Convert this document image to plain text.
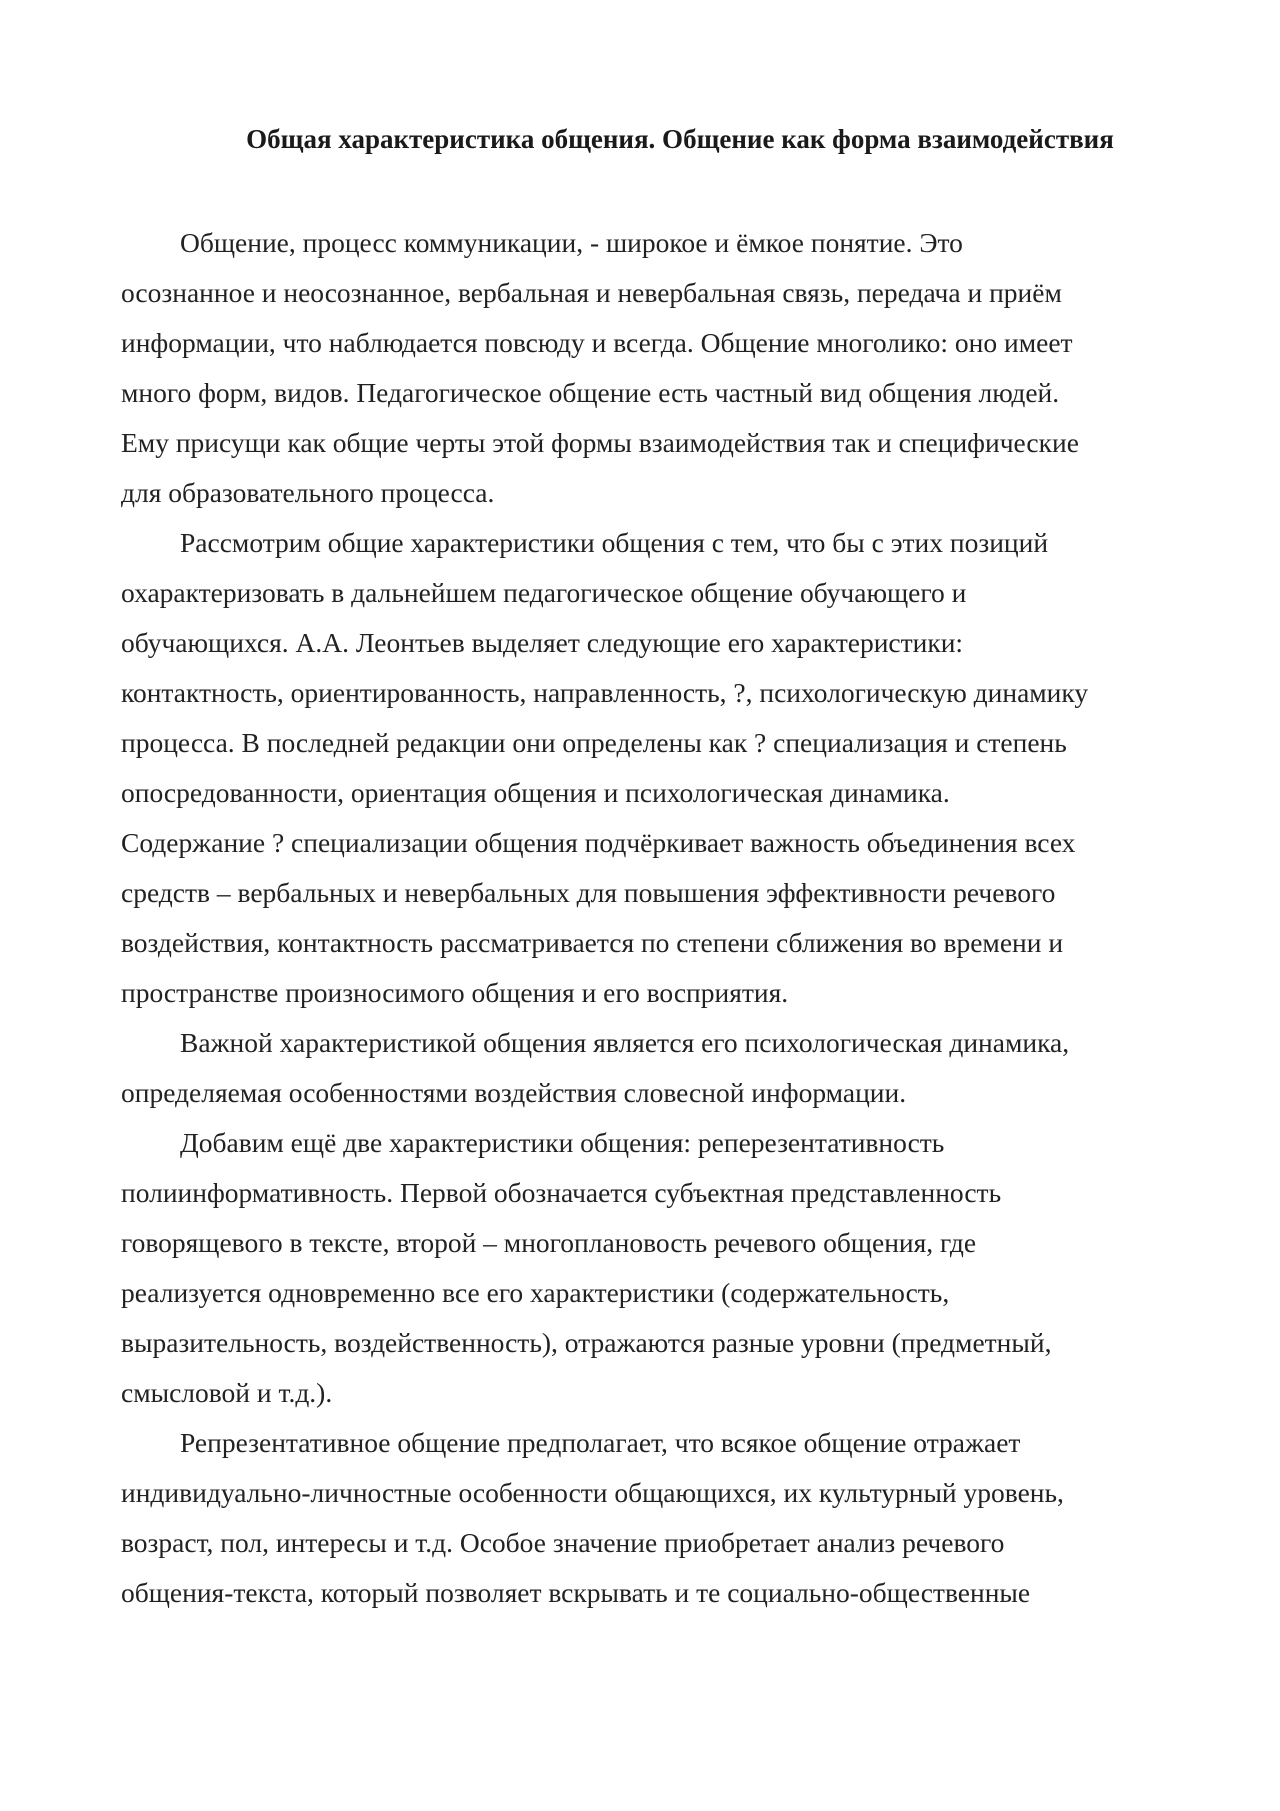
Общая характеристика общения. Общение как форма взаимодействия

Общение, процесс коммуникации, - широкое и ёмкое понятие. Это
осознанное и неосознанное, вербальная и невербальная связь, передача и приём
информации, что наблюдается повсюду и всегда. Общение многолико: оно имеет
много форм, видов. Педагогическое общение есть частный вид общения людей.
Ему присущи как общие черты этой формы взаимодействия так и специфические
для образовательного процесса.

Рассмотрим общие характеристики общения с тем, что бы с этих позиций
охарактеризовать в дальнейшем педагогическое общение обучающего и
обучающихся. А.А. Леонтьев выделяет следующие его характеристики:
контактность, ориентированность, направленность, ?, психологическую динамику
процесса. В последней редакции они определены как ? специализация и степень
опосредованности, ориентация общения и психологическая динамика.
Содержание ? специализации общения подчёркивает важность объединения всех
средств – вербальных и невербальных для повышения эффективности речевого
воздействия, контактность рассматривается по степени сближения во времени и
пространстве произносимого общения и его восприятия.

Важной характеристикой общения является его психологическая динамика,
определяемая особенностями воздействия словесной информации.

Добавим ещё две характеристики общения: реперезентативность
полиинформативность. Первой обозначается субъектная представленность
говорящевого в тексте, второй – многоплановость речевого общения, где
реализуется одновременно все его характеристики (содержательность,
выразительность, воздейственность), отражаются разные уровни (предметный,
смысловой и т.д.).

Репрезентативное общение предполагает, что всякое общение отражает
индивидуально-личностные особенности общающихся, их культурный уровень,
возраст, пол, интересы и т.д. Особое значение приобретает анализ речевого
общения-текста, который позволяет вскрывать и те социально-общественные
